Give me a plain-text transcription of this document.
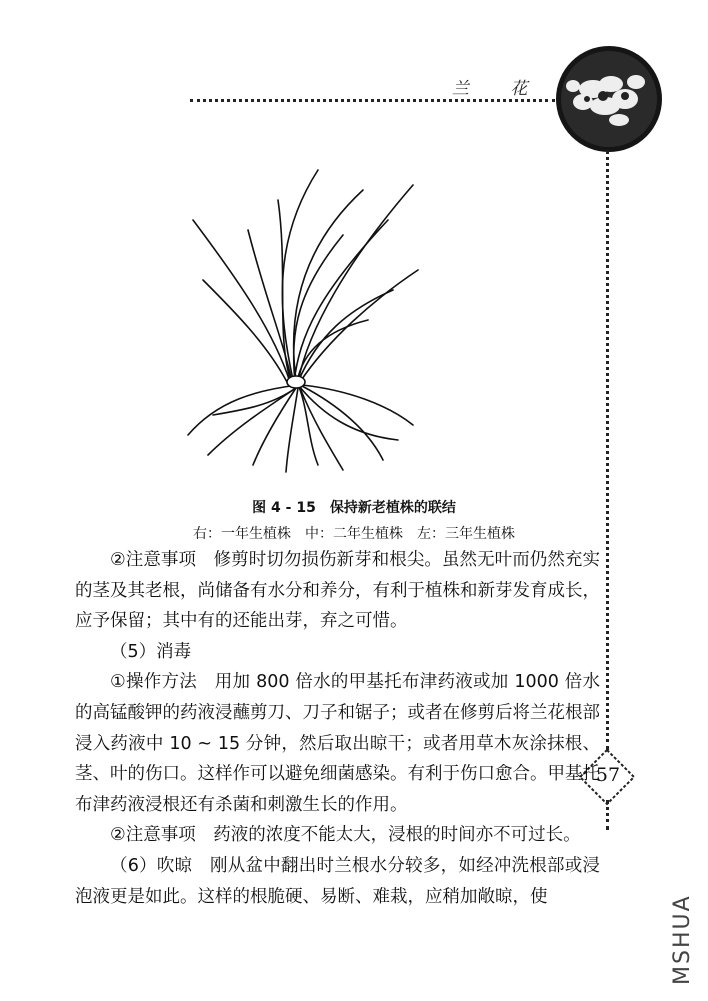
兰 花
57
图 4 - 15　保持新老植株的联结
右：一年生植株　中：二年生植株　左：三年生植株

②注意事项　修剪时切勿损伤新芽和根尖。虽然无叶而仍然充实的茎及其老根，尚储备有水分和养分，有利于植株和新芽发育成长，应予保留；其中有的还能出芽，弃之可惜。

（5）消毒

①操作方法　用加 800 倍水的甲基托布津药液或加 1000 倍水的高锰酸钾的药液浸蘸剪刀、刀子和锯子；或者在修剪后将兰花根部浸入药液中 10 ~ 15 分钟，然后取出晾干；或者用草木灰涂抹根、茎、叶的伤口。这样作可以避免细菌感染。有利于伤口愈合。甲基托布津药液浸根还有杀菌和刺激生长的作用。

②注意事项　药液的浓度不能太大，浸根的时间亦不可过长。

（6）吹晾　刚从盆中翻出时兰根水分较多，如经冲洗根部或浸泡液更是如此。这样的根脆硬、易断、难栽，应稍加敞晾，使	MSHUA
